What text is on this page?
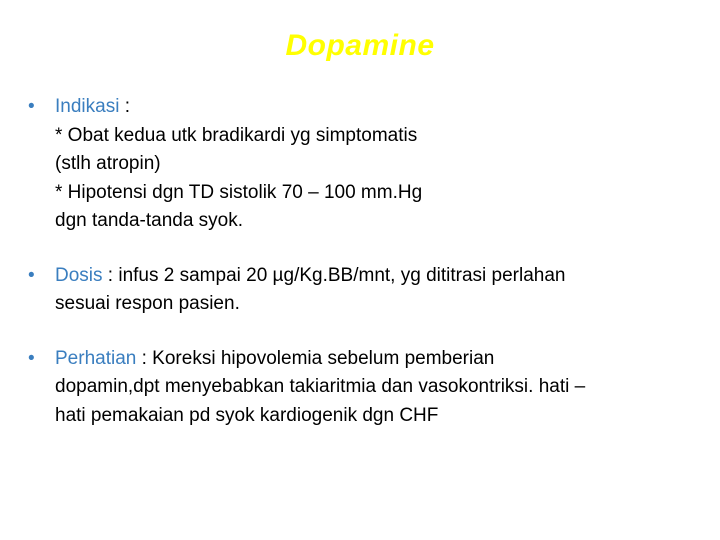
Dopamine
• Indikasi :
* Obat kedua utk bradikardi yg simptomatis
(stlh atropin)
* Hipotensi dgn TD sistolik 70 – 100 mm.Hg
dgn tanda-tanda syok.
• Dosis : infus 2 sampai 20 µg/Kg.BB/mnt, yg dititrasi perlahan
sesuai respon pasien.
• Perhatian : Koreksi hipovolemia sebelum pemberian
dopamin,dpt menyebabkan takiaritmia dan vasokontriksi. hati –
hati pemakaian pd syok kardiogenik dgn CHF
